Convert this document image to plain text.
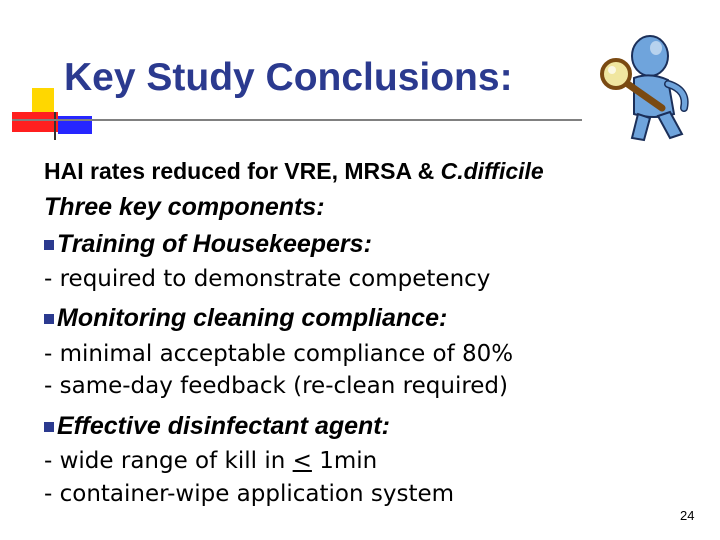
Key Study Conclusions:

HAI rates reduced for VRE, MRSA & C.difficile

Three key components:

Training of Housekeepers:

- required to demonstrate competency

Monitoring cleaning compliance:

- minimal acceptable compliance of 80%

- same-day feedback (re-clean required)

Effective disinfectant agent:

- wide range of kill in < 1min

- container-wipe application system

24
